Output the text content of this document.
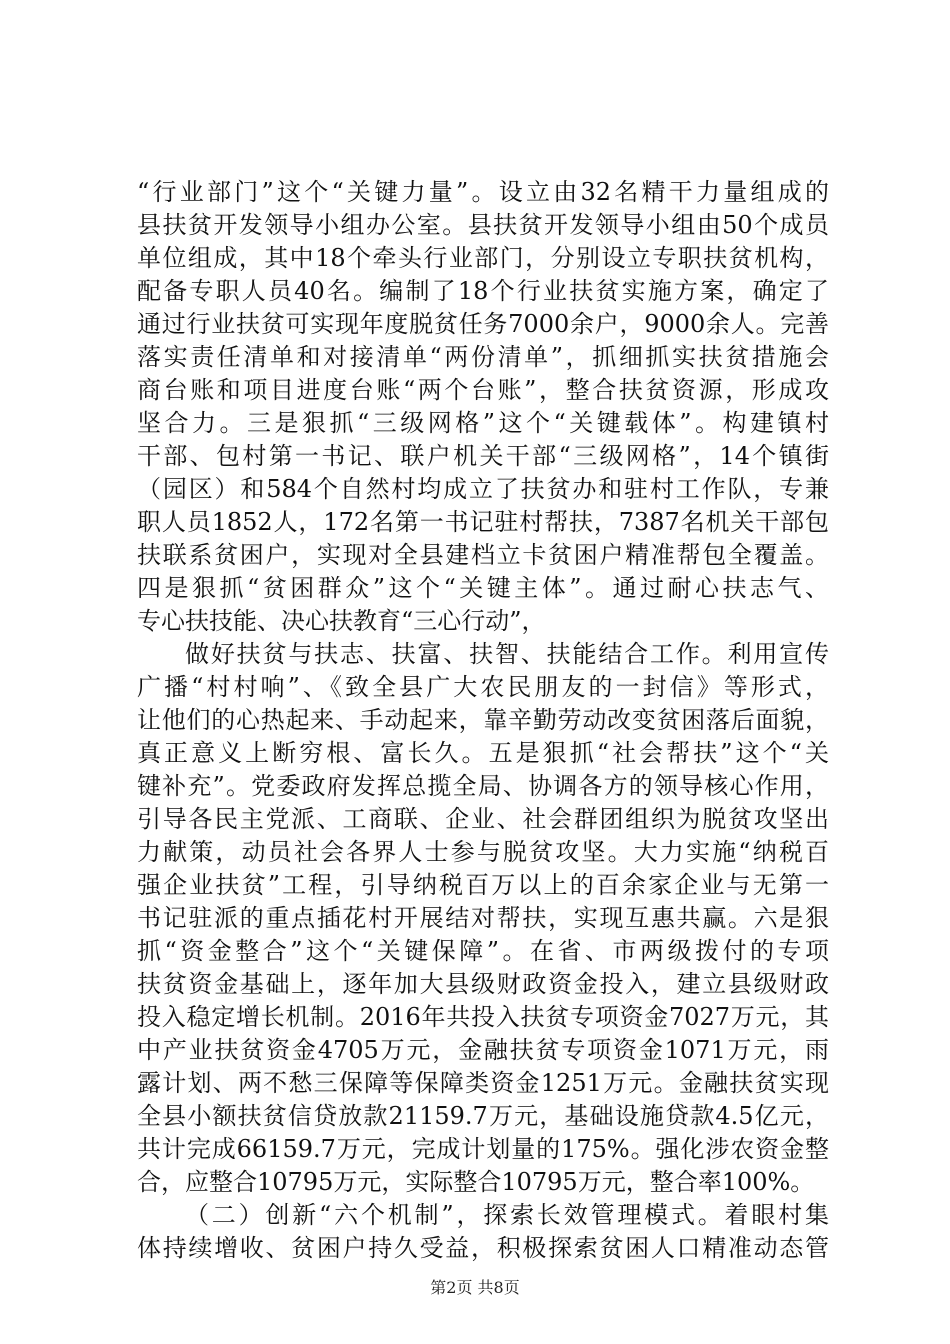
“行业部门”这个“关键力量”。设立由32名精干力量组成的
县扶贫开发领导小组办公室。县扶贫开发领导小组由50个成员
单位组成，其中18个牵头行业部门，分别设立专职扶贫机构，
配备专职人员40名。编制了18个行业扶贫实施方案，确定了
通过行业扶贫可实现年度脱贫任务7000余户，9000余人。完善
落实责任清单和对接清单“两份清单”，抓细抓实扶贫措施会
商台账和项目进度台账“两个台账”，整合扶贫资源，形成攻
坚合力。三是狠抓“三级网格”这个“关键载体”。构建镇村
干部、包村第一书记、联户机关干部“三级网格”，14个镇街
（园区）和584个自然村均成立了扶贫办和驻村工作队，专兼
职人员1852人，172名第一书记驻村帮扶，7387名机关干部包
扶联系贫困户，实现对全县建档立卡贫困户精准帮包全覆盖。
四是狠抓“贫困群众”这个“关键主体”。通过耐心扶志气、
专心扶技能、决心扶教育“三心行动”，
做好扶贫与扶志、扶富、扶智、扶能结合工作。利用宣传
广播“村村响”、《致全县广大农民朋友的一封信》等形式，
让他们的心热起来、手动起来，靠辛勤劳动改变贫困落后面貌，
真正意义上断穷根、富长久。五是狠抓“社会帮扶”这个“关
键补充”。党委政府发挥总揽全局、协调各方的领导核心作用，
引导各民主党派、工商联、企业、社会群团组织为脱贫攻坚出
力献策，动员社会各界人士参与脱贫攻坚。大力实施“纳税百
强企业扶贫”工程，引导纳税百万以上的百余家企业与无第一
书记驻派的重点插花村开展结对帮扶，实现互惠共赢。六是狠
抓“资金整合”这个“关键保障”。在省、市两级拨付的专项
扶贫资金基础上，逐年加大县级财政资金投入，建立县级财政
投入稳定增长机制。2016年共投入扶贫专项资金7027万元，其
中产业扶贫资金4705万元，金融扶贫专项资金1071万元，雨
露计划、两不愁三保障等保障类资金1251万元。金融扶贫实现
全县小额扶贫信贷放款21159.7万元，基础设施贷款4.5亿元，
共计完成66159.7万元，完成计划量的175%。强化涉农资金整
合，应整合10795万元，实际整合10795万元，整合率100%。
（二）创新“六个机制”，探索长效管理模式。着眼村集
体持续增收、贫困户持久受益，积极探索贫困人口精准动态管
第2页 共8页
